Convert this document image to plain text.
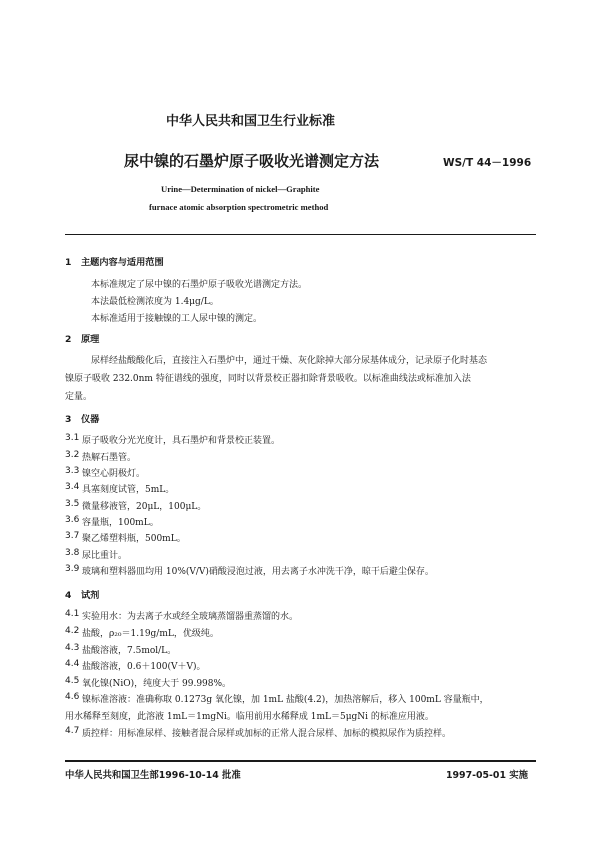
中华人民共和国卫生行业标准
尿中镍的石墨炉原子吸收光谱测定方法	WS/T 44－1996
Urine—Determination of nickel—Graphite
furnace atomic absorption spectrometric method
1 主题内容与适用范围
本标准规定了尿中镍的石墨炉原子吸收光谱测定方法。
本法最低检测浓度为 1.4μg/L。
本标准适用于接触镍的工人尿中镍的测定。
2 原理
尿样经盐酸酸化后，直接注入石墨炉中，通过干燥、灰化除掉大部分尿基体成分，记录原子化时基态
镍原子吸收 232.0nm 特征谱线的强度，同时以背景校正器扣除背景吸收。以标准曲线法或标准加入法
定量。
3 仪器
3.1 原子吸收分光光度计，具石墨炉和背景校正装置。
3.2 热解石墨管。
3.3 镍空心阴极灯。
3.4 具塞刻度试管，5mL。
3.5 微量移液管，20μL，100μL。
3.6 容量瓶，100mL。
3.7 聚乙烯塑料瓶，500mL。
3.8 尿比重计。
3.9 玻璃和塑料器皿均用 10%(V/V)硝酸浸泡过液，用去离子水冲洗干净，晾干后避尘保存。
4 试剂
4.1 实验用水：为去离子水或经全玻璃蒸馏器重蒸馏的水。
4.2 盐酸，ρ₂₀＝1.19g/mL，优级纯。
4.3 盐酸溶液，7.5mol/L。
4.4 盐酸溶液，0.6＋100(V＋V)。
4.5 氧化镍(NiO)，纯度大于 99.998%。
4.6 镍标准溶液：准确称取 0.1273g 氧化镍，加 1mL 盐酸(4.2)，加热溶解后，移入 100mL 容量瓶中，
用水稀释至刻度，此溶液 1mL＝1mgNi。临用前用水稀释成 1mL＝5μgNi 的标准应用液。
4.7 质控样：用标准尿样、接触者混合尿样或加标的正常人混合尿样、加标的模拟尿作为质控样。
中华人民共和国卫生部1996-10-14 批准	1997-05-01 实施
